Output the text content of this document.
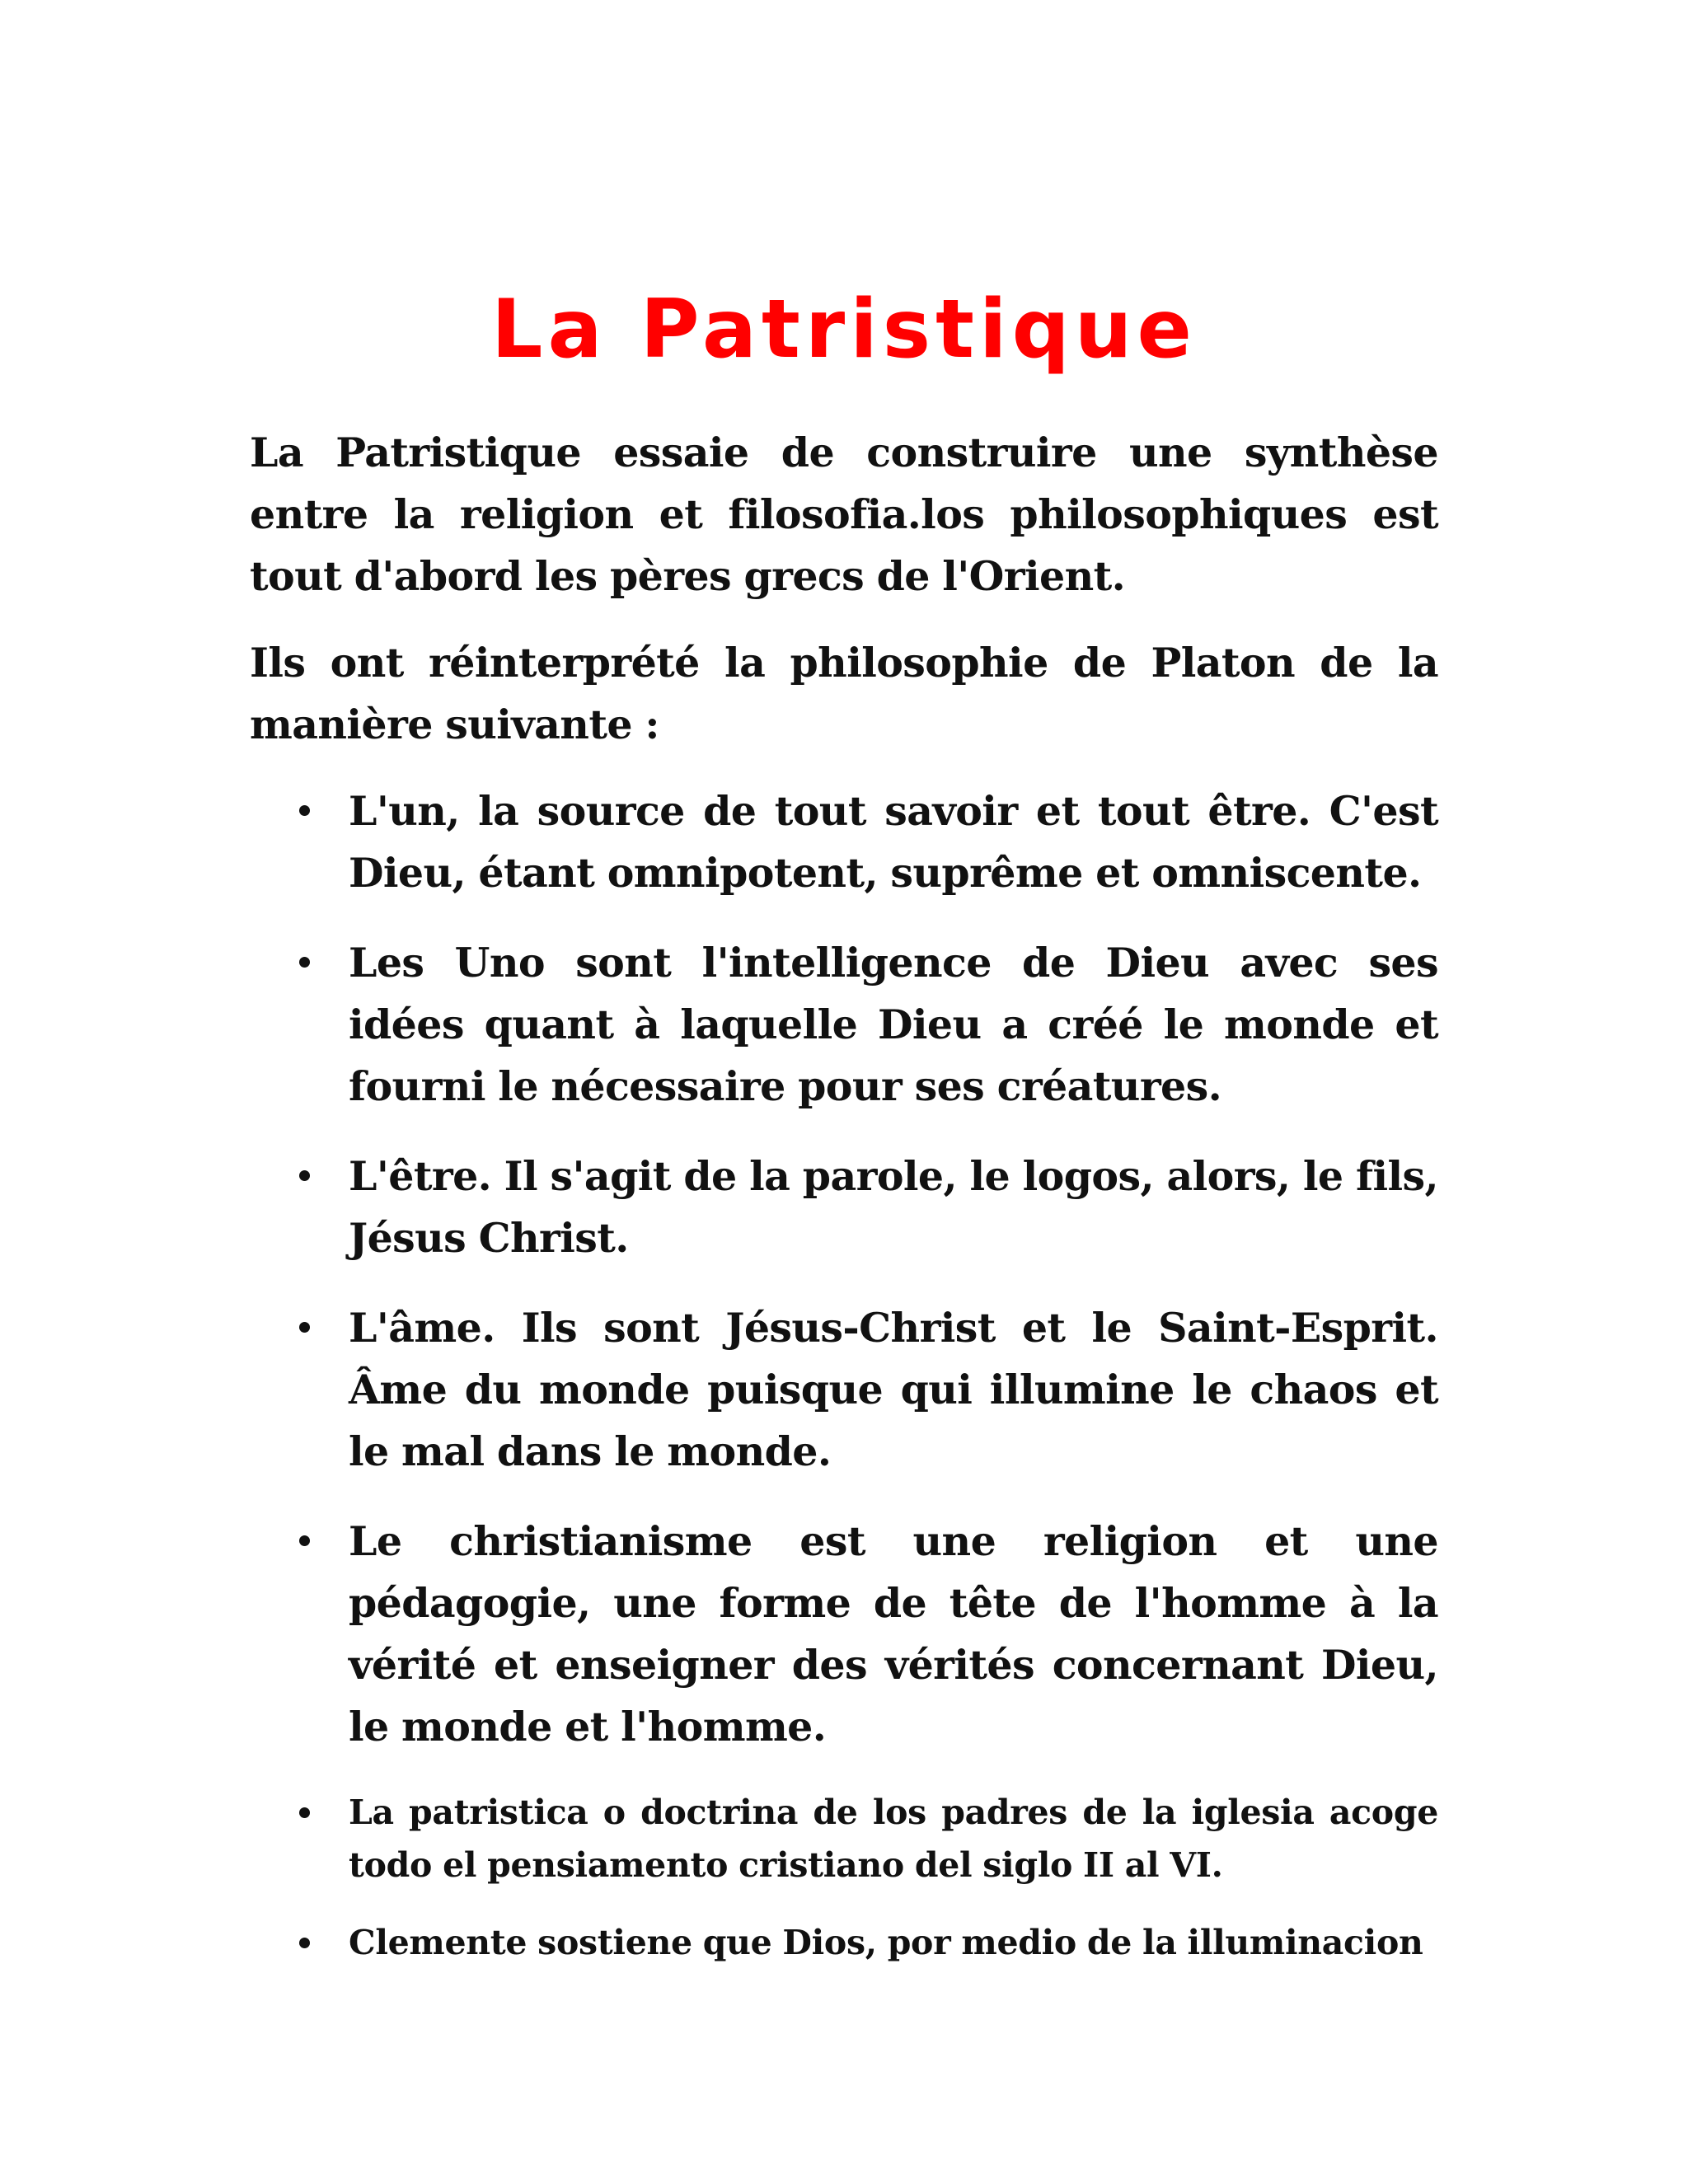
La Patristique

La Patristique essaie de construire une synthèse entre la religion et filosofia.los philosophiques est tout d'abord les pères grecs de l'Orient.

Ils ont réinterprété la philosophie de Platon de la manière suivante :

L'un, la source de tout savoir et tout être. C'est Dieu, étant omnipotent, suprême et omniscente.
Les Uno sont l'intelligence de Dieu avec ses idées quant à laquelle Dieu a créé le monde et fourni le nécessaire pour ses créatures.
L'être. Il s'agit de la parole, le logos, alors, le fils, Jésus Christ.
L'âme. Ils sont Jésus-Christ et le Saint-Esprit. Âme du monde puisque qui illumine le chaos et le mal dans le monde.
Le christianisme est une religion et une pédagogie, une forme de tête de l'homme à la vérité et enseigner des vérités concernant Dieu, le monde et l'homme.
La patristica o doctrina de los padres de la iglesia acoge todo el pensiamento cristiano del siglo II al VI.
Clemente sostiene que Dios, por medio de la illuminacion
